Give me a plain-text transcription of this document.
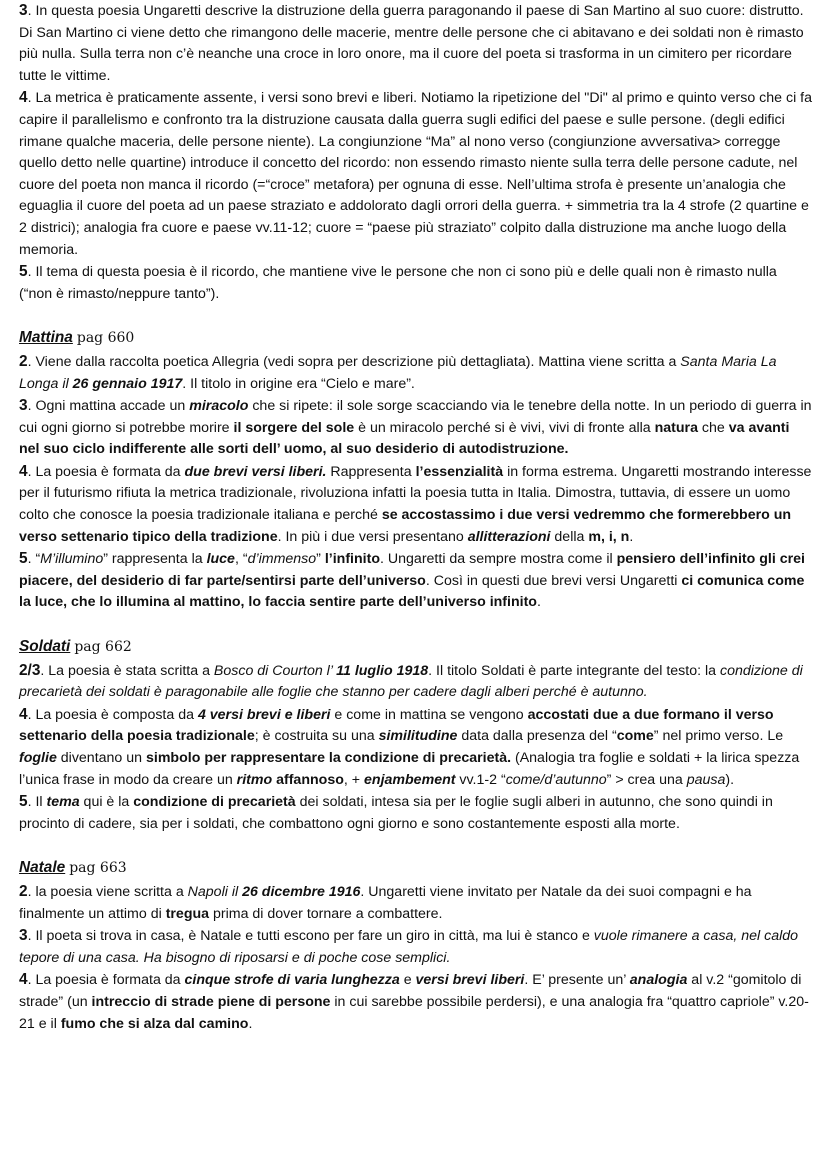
3. In questa poesia Ungaretti descrive la distruzione della guerra paragonando il paese di San Martino al suo cuore: distrutto. Di San Martino ci viene detto che rimangono delle macerie, mentre delle persone che ci abitavano e dei soldati non è rimasto più nulla. Sulla terra non c’è neanche una croce in loro onore, ma il cuore del poeta si trasforma in un cimitero per ricordare tutte le vittime.

4. La metrica è praticamente assente, i versi sono brevi e liberi. Notiamo la ripetizione del "Di" al primo e quinto verso che ci fa capire il parallelismo e confronto tra la distruzione causata dalla guerra sugli edifici del paese e sulle persone. (degli edifici rimane qualche maceria, delle persone niente). La congiunzione “Ma” al nono verso (congiunzione avversativa> corregge quello detto nelle quartine) introduce il concetto del ricordo: non essendo rimasto niente sulla terra delle persone cadute, nel cuore del poeta non manca il ricordo (=“croce” metafora) per ognuna di esse. Nell’ultima strofa è presente un’analogia che eguaglia il cuore del poeta ad un paese straziato e addolorato dagli orrori della guerra. + simmetria tra la 4 strofe (2 quartine e 2 districi); analogia fra cuore e paese vv.11-12; cuore = “paese più straziato” colpito dalla distruzione ma anche luogo della memoria.

5. Il tema di questa poesia è il ricordo, che mantiene vive le persone che non ci sono più e delle quali non è rimasto nulla (“non è rimasto/neppure tanto”).

Mattina pag 660

2. Viene dalla raccolta poetica Allegria (vedi sopra per descrizione più dettagliata). Mattina viene scritta a Santa Maria La Longa il 26 gennaio 1917. Il titolo in origine era “Cielo e mare”.

3. Ogni mattina accade un miracolo che si ripete: il sole sorge scacciando via le tenebre della notte. In un periodo di guerra in cui ogni giorno si potrebbe morire il sorgere del sole è un miracolo perché si è vivi, vivi di fronte alla natura che va avanti nel suo ciclo indifferente alle sorti dell’ uomo, al suo desiderio di autodistruzione.

4. La poesia è formata da due brevi versi liberi. Rappresenta l’essenzialità in forma estrema. Ungaretti mostrando interesse per il futurismo rifiuta la metrica tradizionale, rivoluziona infatti la poesia tutta in Italia. Dimostra, tuttavia, di essere un uomo colto che conosce la poesia tradizionale italiana e perché se accostassimo i due versi vedremmo che formerebbero un verso settenario tipico della tradizione. In più i due versi presentano allitterazioni della m, i, n.

5. “M’illumino” rappresenta la luce, “d’immenso” l’infinito. Ungaretti da sempre mostra come il pensiero dell’infinito gli crei piacere, del desiderio di far parte/sentirsi parte dell’universo. Così in questi due brevi versi Ungaretti ci comunica come la luce, che lo illumina al mattino, lo faccia sentire parte dell’universo infinito.

Soldati pag 662

2/3. La poesia è stata scritta a Bosco di Courton l’ 11 luglio 1918. Il titolo Soldati è parte integrante del testo: la condizione di precarietà dei soldati è paragonabile alle foglie che stanno per cadere dagli alberi perché è autunno.

4. La poesia è composta da 4 versi brevi e liberi e come in mattina se vengono accostati due a due formano il verso settenario della poesia tradizionale; è costruita su una similitudine data dalla presenza del “come” nel primo verso. Le foglie diventano un simbolo per rappresentare la condizione di precarietà. (Analogia tra foglie e soldati + la lirica spezza l’unica frase in modo da creare un ritmo affannoso, + enjambement vv.1-2 “come/d’autunno” > crea una pausa).

5. Il tema qui è la condizione di precarietà dei soldati, intesa sia per le foglie sugli alberi in autunno, che sono quindi in procinto di cadere, sia per i soldati, che combattono ogni giorno e sono costantemente esposti alla morte.

Natale pag 663

2. la poesia viene scritta a Napoli il 26 dicembre 1916. Ungaretti viene invitato per Natale da dei suoi compagni e ha finalmente un attimo di tregua prima di dover tornare a combattere.

3. Il poeta si trova in casa, è Natale e tutti escono per fare un giro in città, ma lui è stanco e vuole rimanere a casa, nel caldo tepore di una casa. Ha bisogno di riposarsi e di poche cose semplici.

4. La poesia è formata da cinque strofe di varia lunghezza e versi brevi liberi. E’ presente un’ analogia al v.2 “gomitolo di strade” (un intreccio di strade piene di persone in cui sarebbe possibile perdersi), e una analogia fra “quattro capriole” v.20-21 e il fumo che si alza dal camino.
